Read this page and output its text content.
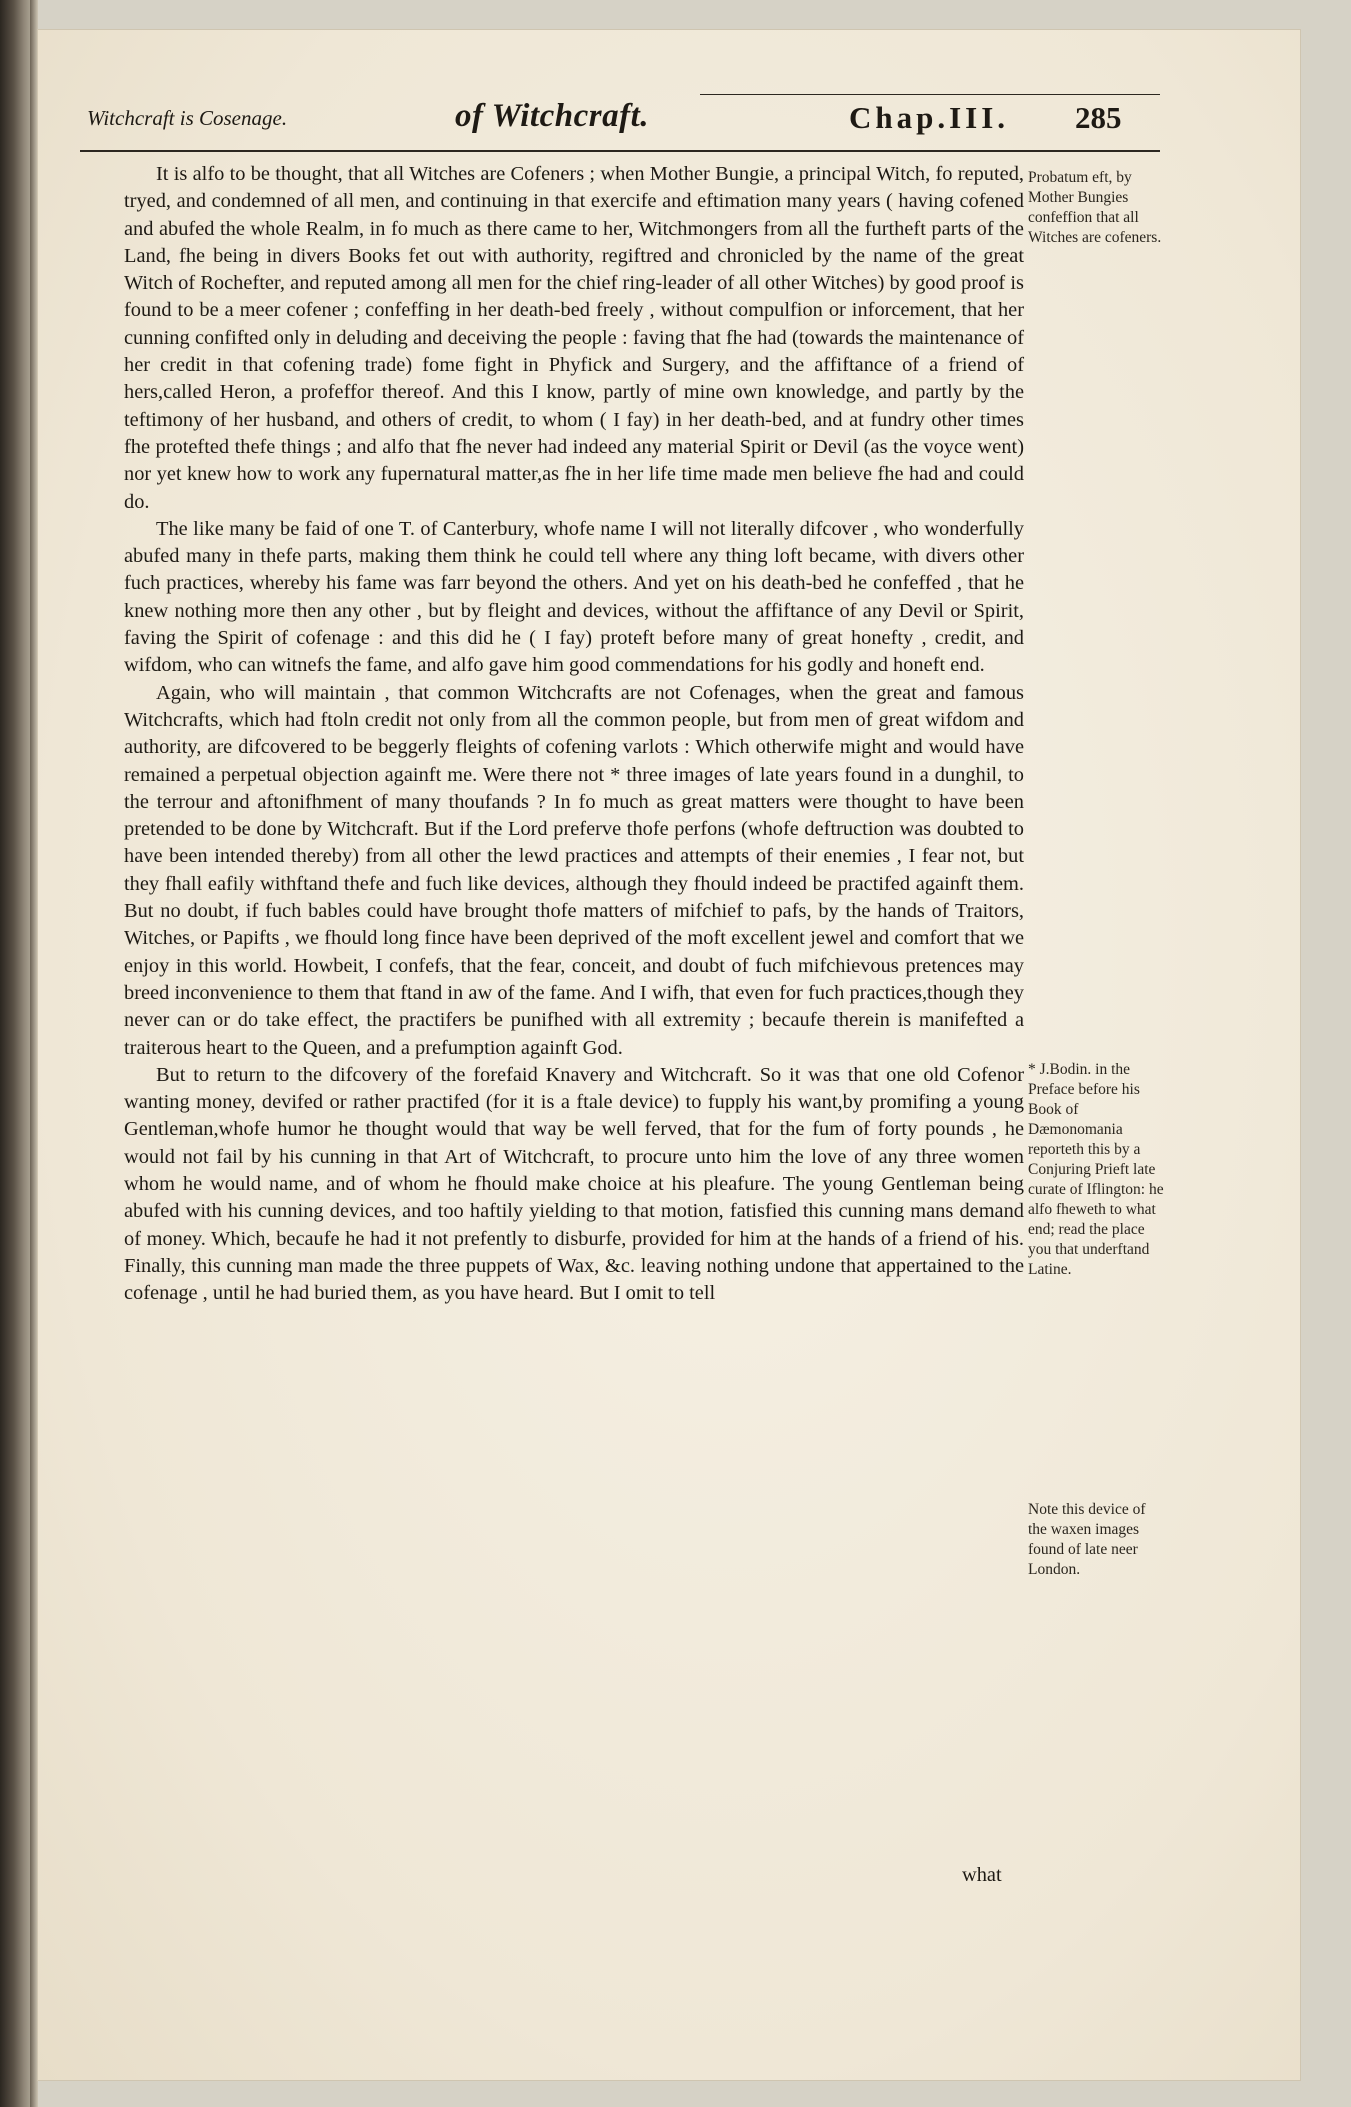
Witchcraft is Cosenage.	of Witchcraft.	Chap.III. 285

It is alfo to be thought, that all Witches are Cofeners ; when Mother Bungie, a principal Witch, fo reputed, tryed, and condemned of all men, and continuing in that exercife and eftimation many years ( having cofened and abufed the whole Realm, in fo much as there came to her, Witchmongers from all the furtheft parts of the Land, fhe being in divers Books fet out with authority, regiftred and chronicled by the name of the great Witch of Rochefter, and reputed among all men for the chief ring-leader of all other Witches) by good proof is found to be a meer cofener ; confeffing in her death-bed freely , without compulfion or inforcement, that her cunning confifted only in deluding and deceiving the people : faving that fhe had (towards the maintenance of her credit in that cofening trade) fome fight in Phyfick and Surgery, and the affiftance of a friend of hers,called Heron, a profeffor thereof. And this I know, partly of mine own knowledge, and partly by the teftimony of her husband, and others of credit, to whom ( I fay) in her death-bed, and at fundry other times fhe protefted thefe things ; and alfo that fhe never had indeed any material Spirit or Devil (as the voyce went) nor yet knew how to work any fupernatural matter,as fhe in her life time made men believe fhe had and could do.

The like many be faid of one T. of Canterbury, whofe name I will not literally difcover , who wonderfully abufed many in thefe parts, making them think he could tell where any thing loft became, with divers other fuch practices, whereby his fame was farr beyond the others. And yet on his death-bed he confeffed , that he knew nothing more then any other , but by fleight and devices, without the affiftance of any Devil or Spirit, faving the Spirit of cofenage : and this did he ( I fay) proteft before many of great honefty , credit, and wifdom, who can witnefs the fame, and alfo gave him good commendations for his godly and honeft end.

Again, who will maintain , that common Witchcrafts are not Cofenages, when the great and famous Witchcrafts, which had ftoln credit not only from all the common people, but from men of great wifdom and authority, are difcovered to be beggerly fleights of cofening varlots : Which otherwife might and would have remained a perpetual objection againft me. Were there not * three images of late years found in a dunghil, to the terrour and aftonifhment of many thoufands ? In fo much as great matters were thought to have been pretended to be done by Witchcraft. But if the Lord preferve thofe perfons (whofe deftruction was doubted to have been intended thereby) from all other the lewd practices and attempts of their enemies , I fear not, but they fhall eafily withftand thefe and fuch like devices, although they fhould indeed be practifed againft them. But no doubt, if fuch bables could have brought thofe matters of mifchief to pafs, by the hands of Traitors, Witches, or Papifts , we fhould long fince have been deprived of the moft excellent jewel and comfort that we enjoy in this world. Howbeit, I confefs, that the fear, conceit, and doubt of fuch mifchievous pretences may breed inconvenience to them that ftand in aw of the fame. And I wifh, that even for fuch practices,though they never can or do take effect, the practifers be punifhed with all extremity ; becaufe therein is manifefted a traiterous heart to the Queen, and a prefumption againft God.

But to return to the difcovery of the forefaid Knavery and Witchcraft. So it was that one old Cofenor wanting money, devifed or rather practifed (for it is a ftale device) to fupply his want,by promifing a young Gentleman,whofe humor he thought would that way be well ferved, that for the fum of forty pounds , he would not fail by his cunning in that Art of Witchcraft, to procure unto him the love of any three women whom he would name, and of whom he fhould make choice at his pleafure. The young Gentleman being abufed with his cunning devices, and too haftily yielding to that motion, fatisfied this cunning mans demand of money. Which, becaufe he had it not prefently to disburfe, provided for him at the hands of a friend of his. Finally, this cunning man made the three puppets of Wax, &c. leaving nothing undone that appertained to the cofenage , until he had buried them, as you have heard. But I omit to tell

Probatum eft, by Mother Bungies confeffion that all Witches are cofeners.
* J.Bodin. in the Preface before his Book of Dæmonomania reporteth this by a Conjuring Prieft late curate of Iflington: he alfo fheweth to what end; read the place you that underftand Latine.
Note this device of the waxen images found of late neer London.
what
